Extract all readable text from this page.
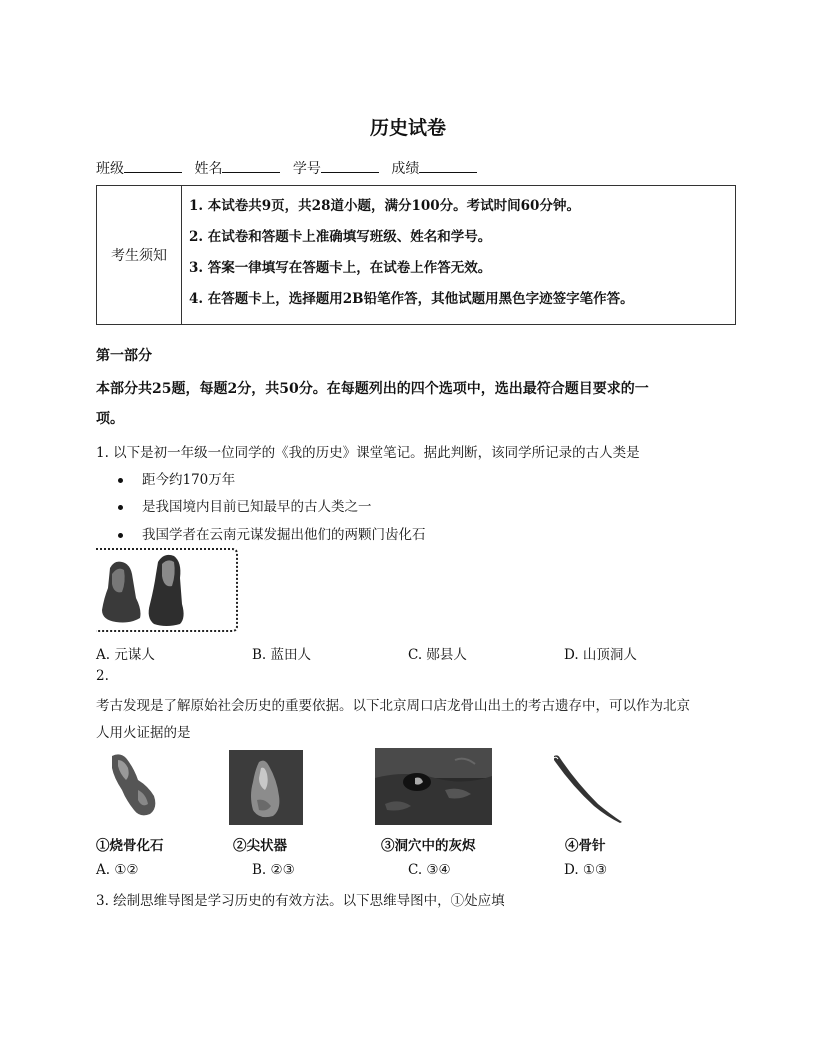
历史试卷
班级	姓名	学号	成绩
考生须知
1. 本试卷共9页，共28道小题，满分100分。考试时间60分钟。
2. 在试卷和答题卡上准确填写班级、姓名和学号。
3. 答案一律填写在答题卡上，在试卷上作答无效。
4. 在答题卡上，选择题用2B铅笔作答，其他试题用黑色字迹签字笔作答。
第一部分
本部分共25题，每题2分，共50分。在每题列出的四个选项中，选出最符合题目要求的一
项。
1. 以下是初一年级一位同学的《我的历史》课堂笔记。据此判断，该同学所记录的古人类是
距今约170万年
是我国境内目前已知最早的古人类之一
我国学者在云南元谋发掘出他们的两颗门齿化石
A. 元谋人	B. 蓝田人	C. 郧县人	D. 山顶洞人
2.
考古发现是了解原始社会历史的重要依据。以下北京周口店龙骨山出土的考古遗存中，可以作为北京
人用火证据的是
①烧骨化石	②尖状器	③洞穴中的灰烬	④骨针
A. ①②	B. ②③	C. ③④	D. ①③
3. 绘制思维导图是学习历史的有效方法。以下思维导图中，①处应填
